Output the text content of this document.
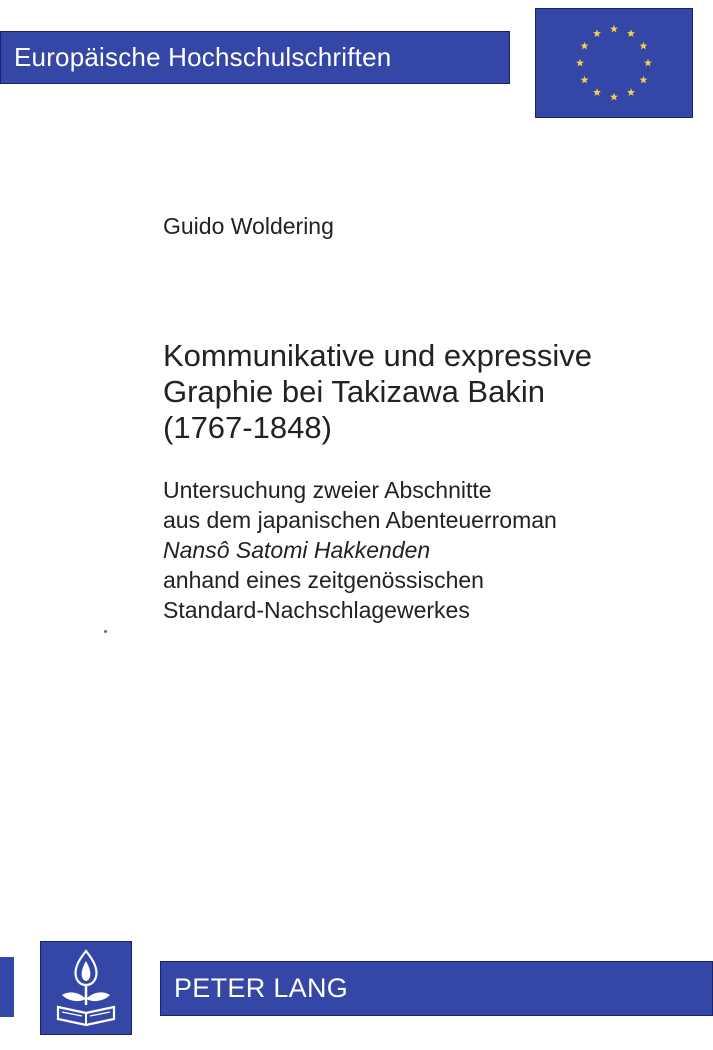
Europäische Hochschulschriften
Guido Woldering
Kommunikative und expressive
Graphie bei Takizawa Bakin
(1767-1848)
Untersuchung zweier Abschnitte
aus dem japanischen Abenteuerroman
Nansô Satomi Hakkenden
anhand eines zeitgenössischen
Standard-Nachschlagewerkes
PETER LANG
